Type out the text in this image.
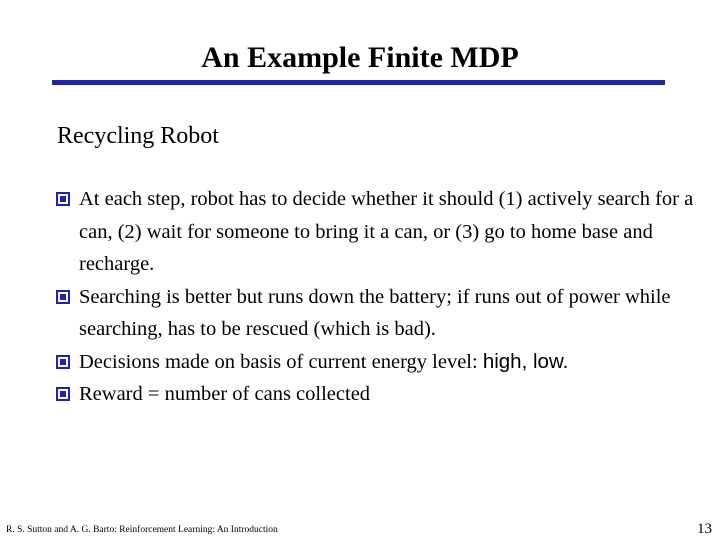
An Example Finite MDP
Recycling Robot
At each step, robot has to decide whether it should (1) actively search for a can, (2) wait for someone to bring it a can, or (3) go to home base and recharge.
Searching is better but runs down the battery; if runs out of power while searching, has to be rescued (which is bad).
Decisions made on basis of current energy level: high, low.
Reward = number of cans collected
R. S. Sutton and A. G. Barto: Reinforcement Learning: An Introduction	13
